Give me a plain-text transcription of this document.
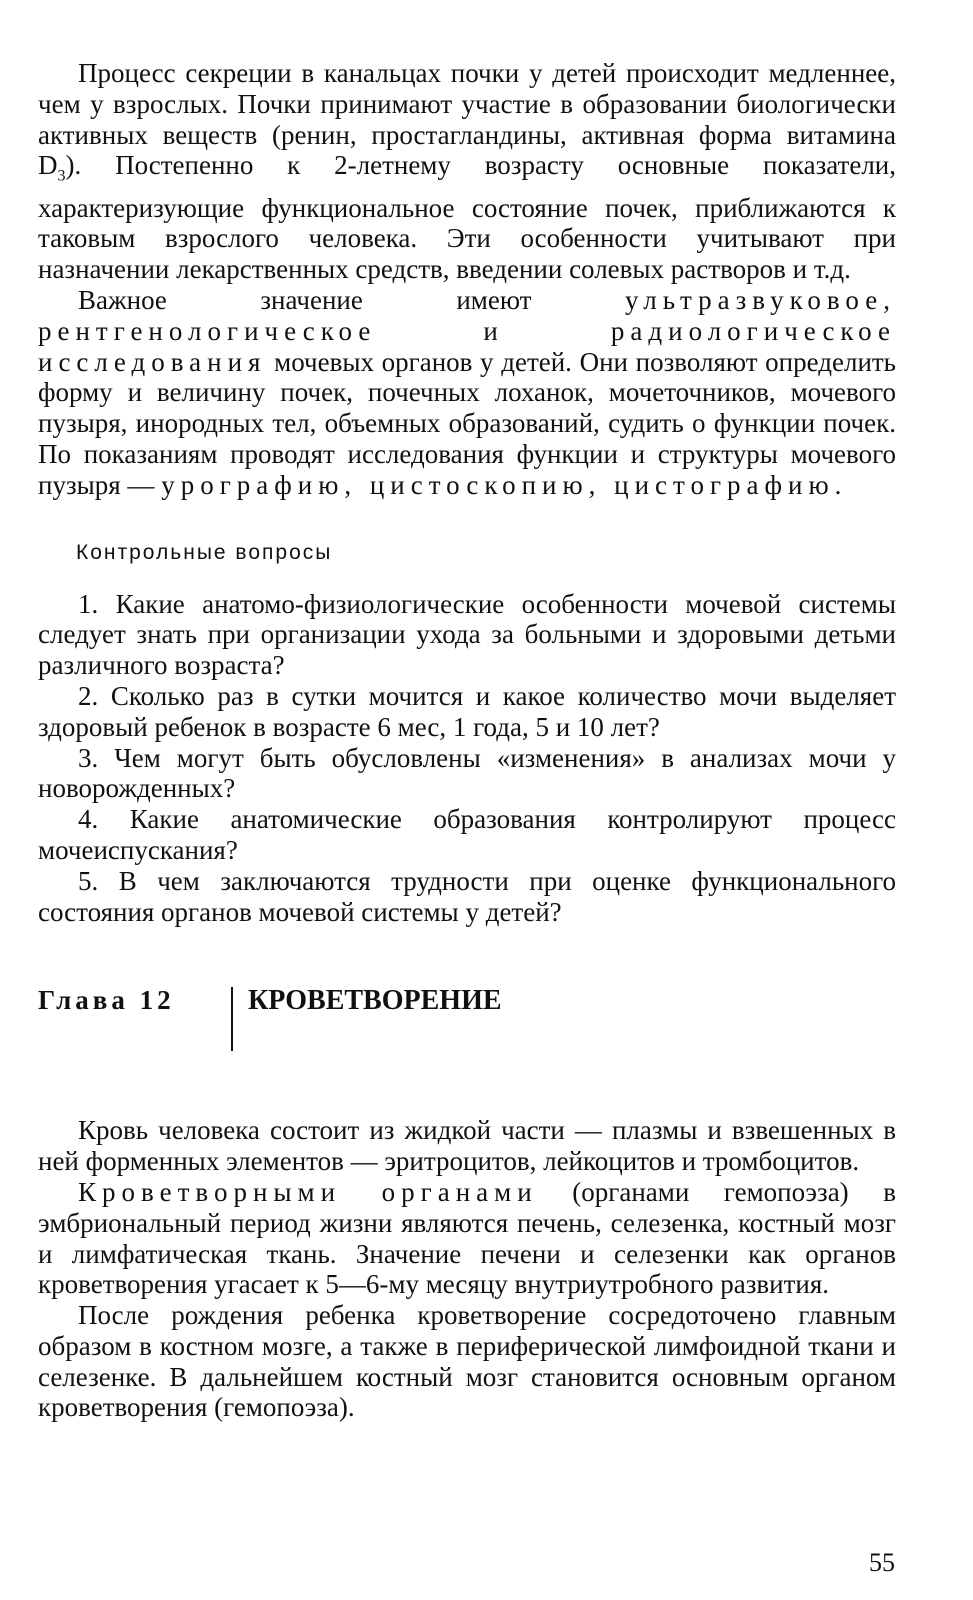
Процесс секреции в канальцах почки у детей происходит медленнее, чем у взрослых. Почки принимают участие в образовании биологически активных веществ (ренин, простагландины, активная форма витамина $D_3$). Постепенно к 2-летнему возрасту основные показатели, характеризующие функциональное состояние почек, приближаются к таковым взрослого человека. Эти особенности учитывают при назначении лекарственных средств, введении солевых растворов и т.д.

Важное значение имеют ультразвуковое, рентгенологическое и радиологическое исследования мочевых органов у детей. Они позволяют определить форму и величину почек, почечных лоханок, мочеточников, мочевого пузыря, инородных тел, объемных образований, судить о функции почек. По показаниям проводят исследования функции и структуры мочевого пузыря — урографию, цистоскопию, цистографию.

Контрольные вопросы

1. Какие анатомо-физиологические особенности мочевой системы следует знать при организации ухода за больными и здоровыми детьми различного возраста?

2. Сколько раз в сутки мочится и какое количество мочи выделяет здоровый ребенок в возрасте 6 мес, 1 года, 5 и 10 лет?

3. Чем могут быть обусловлены «изменения» в анализах мочи у новорожденных?

4. Какие анатомические образования контролируют процесс мочеиспускания?

5. В чем заключаются трудности при оценке функционального состояния органов мочевой системы у детей?

Глава 12	КРОВЕТВОРЕНИЕ

Кровь человека состоит из жидкой части — плазмы и взвешенных в ней форменных элементов — эритроцитов, лейкоцитов и тромбоцитов.

Кроветворными органами (органами гемопоэза) в эмбриональный период жизни являются печень, селезенка, костный мозг и лимфатическая ткань. Значение печени и селезенки как органов кроветворения угасает к 5—6-му месяцу внутриутробного развития.

После рождения ребенка кроветворение сосредоточено главным образом в костном мозге, а также в периферической лимфоидной ткани и селезенке. В дальнейшем костный мозг становится основным органом кроветворения (гемопоэза).

55
